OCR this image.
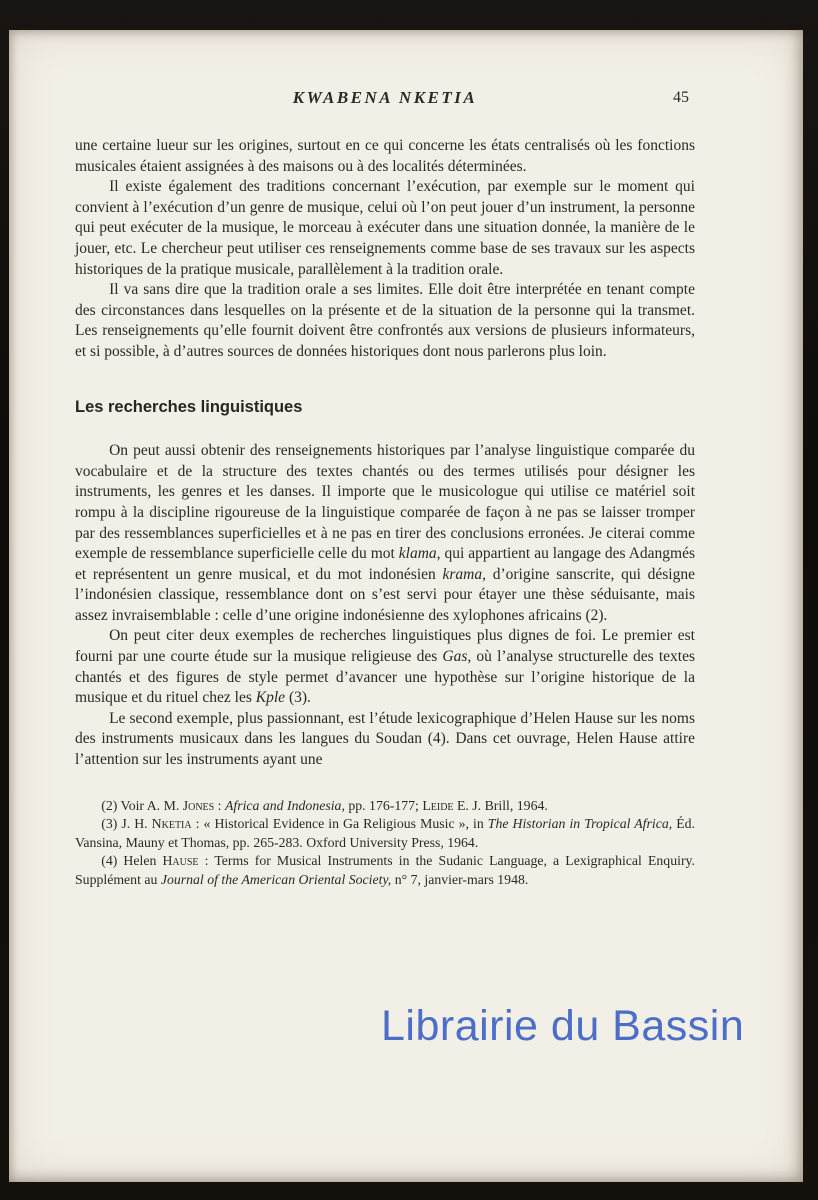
KWABENA NKETIA	45

une certaine lueur sur les origines, surtout en ce qui concerne les états centralisés où les fonctions musicales étaient assignées à des maisons ou à des localités déterminées.

Il existe également des traditions concernant l’exécution, par exemple sur le moment qui convient à l’exécution d’un genre de musique, celui où l’on peut jouer d’un instrument, la personne qui peut exécuter de la musique, le morceau à exécuter dans une situation donnée, la manière de le jouer, etc. Le chercheur peut utiliser ces renseignements comme base de ses travaux sur les aspects historiques de la pratique musicale, parallèlement à la tradition orale.

Il va sans dire que la tradition orale a ses limites. Elle doit être interprétée en tenant compte des circonstances dans lesquelles on la présente et de la situation de la personne qui la transmet. Les renseignements qu’elle fournit doivent être confrontés aux versions de plusieurs informateurs, et si possible, à d’autres sources de données historiques dont nous parlerons plus loin.

Les recherches linguistiques

On peut aussi obtenir des renseignements historiques par l’analyse linguistique comparée du vocabulaire et de la structure des textes chantés ou des termes utilisés pour désigner les instruments, les genres et les danses. Il importe que le musicologue qui utilise ce matériel soit rompu à la discipline rigoureuse de la linguistique comparée de façon à ne pas se laisser tromper par des ressemblances superficielles et à ne pas en tirer des conclusions erronées. Je citerai comme exemple de ressemblance superficielle celle du mot klama, qui appartient au langage des Adangmés et représentent un genre musical, et du mot indonésien krama, d’origine sanscrite, qui désigne l’indonésien classique, ressemblance dont on s’est servi pour étayer une thèse séduisante, mais assez invraisemblable : celle d’une origine indonésienne des xylophones africains (2).

On peut citer deux exemples de recherches linguistiques plus dignes de foi. Le premier est fourni par une courte étude sur la musique religieuse des Gas, où l’analyse structurelle des textes chantés et des figures de style permet d’avancer une hypothèse sur l’origine historique de la musique et du rituel chez les Kple (3).

Le second exemple, plus passionnant, est l’étude lexicographique d’Helen Hause sur les noms des instruments musicaux dans les langues du Soudan (4). Dans cet ouvrage, Helen Hause attire l’attention sur les instruments ayant une

(2) Voir A. M. Jones : Africa and Indonesia, pp. 176-177; Leide E. J. Brill, 1964.

(3) J. H. Nketia : « Historical Evidence in Ga Religious Music », in The Historian in Tropical Africa, Éd. Vansina, Mauny et Thomas, pp. 265-283. Oxford University Press, 1964.

(4) Helen Hause : Terms for Musical Instruments in the Sudanic Language, a Lexigraphical Enquiry. Supplément au Journal of the American Oriental Society, n° 7, janvier-mars 1948.

Librairie du Bassin
